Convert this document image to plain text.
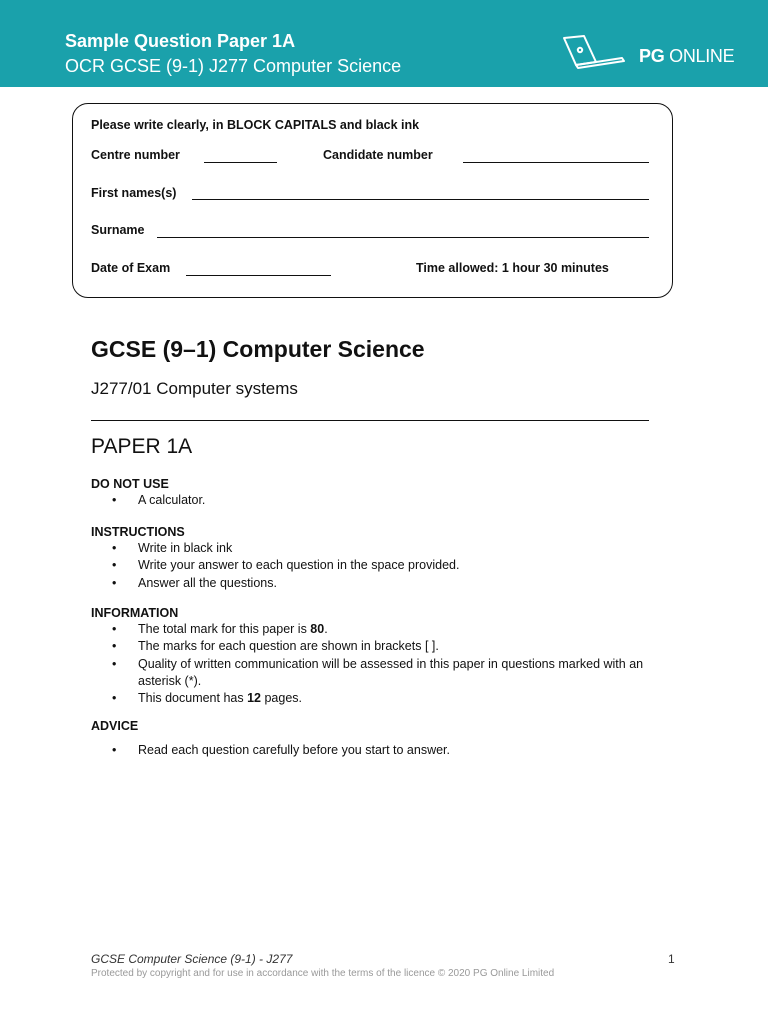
Sample Question Paper 1A
OCR GCSE (9-1) J277 Computer Science	PG ONLINE
Please write clearly, in BLOCK CAPITALS and black ink
Centre number	Candidate number
First names(s)
Surname
Date of Exam	Time allowed: 1 hour 30 minutes
GCSE (9–1) Computer Science
J277/01 Computer systems
PAPER 1A
DO NOT USE
• A calculator.
INSTRUCTIONS
• Write in black ink
• Write your answer to each question in the space provided.
• Answer all the questions.
INFORMATION
• The total mark for this paper is 80.
• The marks for each question are shown in brackets [ ].
• Quality of written communication will be assessed in this paper in questions marked with an asterisk (*).
• This document has 12 pages.
ADVICE
• Read each question carefully before you start to answer.
GCSE Computer Science (9-1) - J277	1
Protected by copyright and for use in accordance with the terms of the licence © 2020 PG Online Limited
